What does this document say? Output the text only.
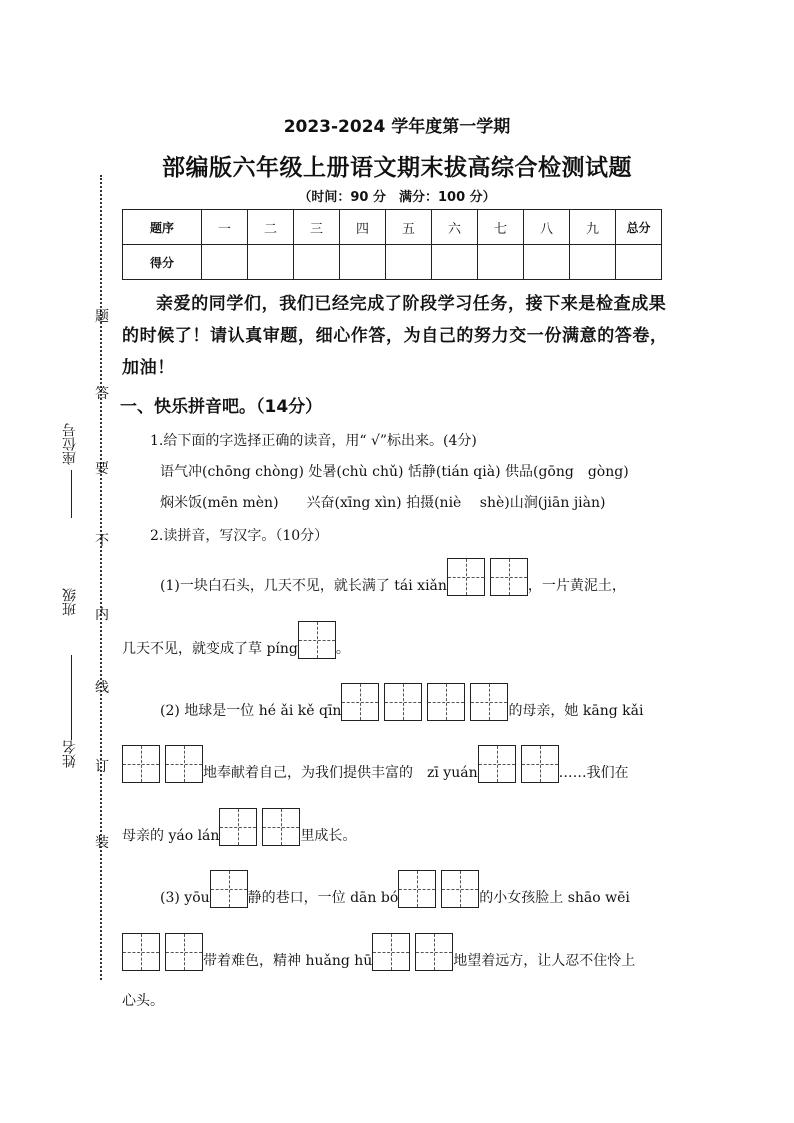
2023-2024 学年度第一学期
部编版六年级上册语文期末拔高综合检测试题
（时间：90 分　满分：100 分）
题序	一	二	三	四	五	六	七	八	九	总分
得分										
亲爱的同学们，我们已经完成了阶段学习任务，接下来是检查成果的时候了！请认真审题，细心作答，为自己的努力交一份满意的答卷，加油！
一、快乐拼音吧。（14分）
1.给下面的字选择正确的读音，用“ √”标出来。(4分)
语气冲(chōng chòng) 处暑(chù chǔ) 恬静(tián qià) 供品(gōng　gòng)
焖米饭(mēn mèn)　　兴奋(xīng xìn) 拍摄(niè　 shè)山涧(jiān jiàn)
2.读拼音，写汉字。（10分）
(1)一块白石头，几天不见，就长满了 tái xiǎn	，一片黄泥土，
几天不见，就变成了草 píng	。
(2) 地球是一位 hé ǎi kě qīn	的母亲，她 kāng kǎi
地奉献着自己，为我们提供丰富的　zī yuán	……我们在
母亲的 yáo lán	里成长。
(3) yōu	静的巷口，一位 dān bó	的小女孩脸上 shāo wēi
带着难色，精神 huǎng hū	地望着远方，让人忍不住怜上
心头。
题
答
要
不
内
线
订
装
座位号
班级
姓名
